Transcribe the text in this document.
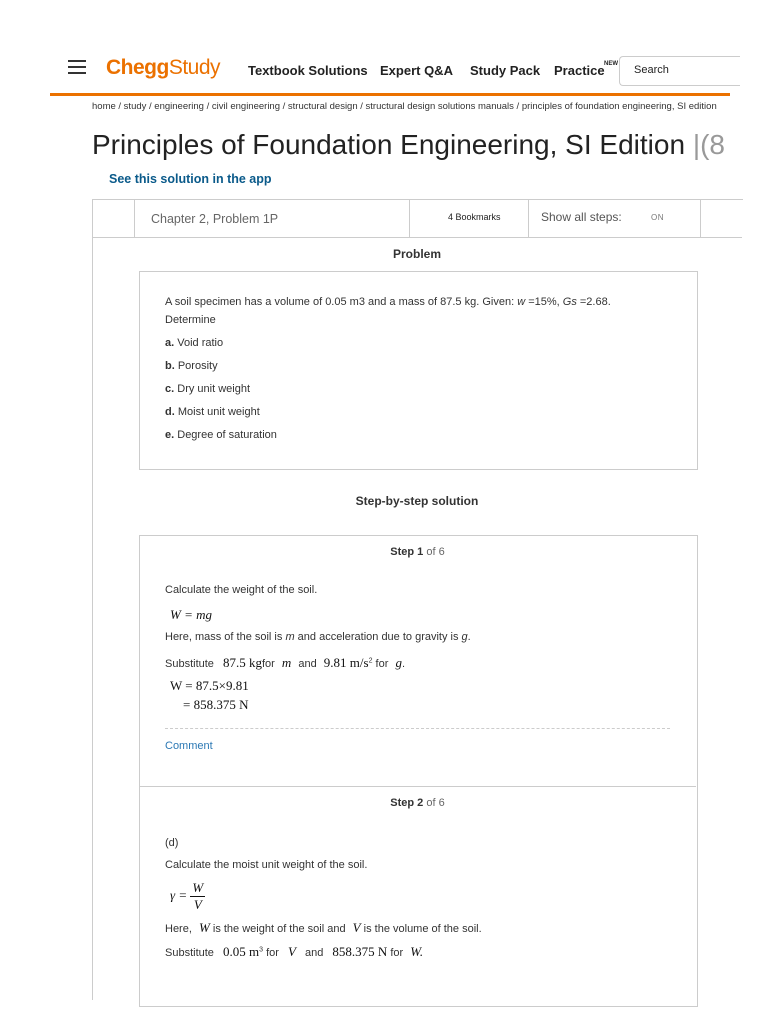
CheggStudy Textbook Solutions Expert Q&A Study Pack Practice NEW
Search
home / study / engineering / civil engineering / structural design / structural design solutions manuals / principles of foundation engineering, SI edition
Principles of Foundation Engineering, SI Edition |(8
See this solution in the app
Chapter 2, Problem 1P	4 Bookmarks	Show all steps:	ON
Problem
A soil specimen has a volume of 0.05 m3 and a mass of 87.5 kg. Given: w =15%, Gs =2.68.
Determine
a. Void ratio
b. Porosity
c. Dry unit weight
d. Moist unit weight
e. Degree of saturation
Step-by-step solution
Step 1 of 6
Calculate the weight of the soil.
W = mg
Here, mass of the soil is m and acceleration due to gravity is g.
Substitute 87.5 kgfor m and 9.81 $m/s^2$ for g.
W = 87.5×9.81
= 858.375 N
Comment
Step 2 of 6
(d)
Calculate the moist unit weight of the soil.
$\gamma = \frac{W}{V}$
Here, W is the weight of the soil and V is the volume of the soil.
Substitute 0.05 $m^3$ for V and 858.375 N for W.
